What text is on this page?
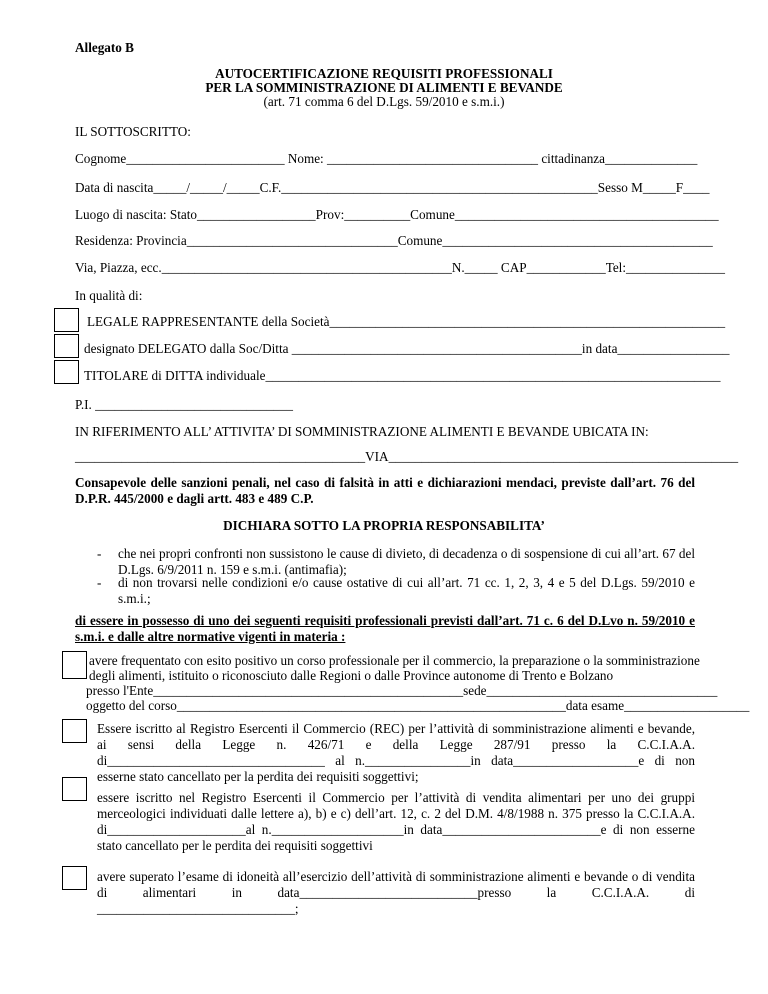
Allegato B
AUTOCERTIFICAZIONE REQUISITI PROFESSIONALI
PER LA SOMMINISTRAZIONE DI ALIMENTI E BEVANDE
(art. 71 comma 6 del D.Lgs. 59/2010 e s.m.i.)
IL SOTTOSCRITTO:
Cognome________________________ Nome: ________________________________ cittadinanza______________
Data di nascita_____/_____/_____C.F.________________________________________________Sesso M_____F____
Luogo di nascita: Stato__________________Prov:__________Comune________________________________________
Residenza: Provincia________________________________Comune_________________________________________
Via, Piazza, ecc.____________________________________________N._____ CAP____________Tel:_______________
In qualità di:
LEGALE RAPPRESENTANTE della Società____________________________________________________________
designato DELEGATO dalla Soc/Ditta ____________________________________________in data_________________
TITOLARE di DITTA individuale_____________________________________________________________________
P.I. ______________________________
IN RIFERIMENTO ALL’ ATTIVITA’ DI SOMMINISTRAZIONE ALIMENTI E BEVANDE UBICATA IN:
____________________________________________VIA_____________________________________________________
Consapevole delle sanzioni penali, nel caso di falsità in atti e dichiarazioni mendaci, previste dall’art. 76 del D.P.R. 445/2000 e dagli artt. 483 e 489 C.P.
DICHIARA SOTTO LA PROPRIA RESPONSABILITA’
- che nei propri confronti non sussistono le cause di divieto, di decadenza o di sospensione di cui all’art. 67 del D.Lgs. 6/9/2011 n. 159 e s.m.i. (antimafia);
- di non trovarsi nelle condizioni e/o cause ostative di cui all’art. 71 cc. 1, 2, 3, 4 e 5 del D.Lgs. 59/2010 e s.m.i.;
di essere in possesso di uno dei seguenti requisiti professionali previsti dall’art. 71 c. 6 del D.Lvo n. 59/2010 e s.m.i. e dalle altre normative vigenti in materia :
avere frequentato con esito positivo un corso professionale per il commercio, la preparazione o la somministrazione
degli alimenti, istituito o riconosciuto dalle Regioni o dalle Province autonome di Trento e Bolzano
presso l'Ente_______________________________________________sede___________________________________
oggetto del corso___________________________________________________________data esame___________________
Essere iscritto al Registro Esercenti il Commercio (REC) per l’attività di somministrazione alimenti e bevande, ai sensi della Legge n. 426/71 e della Legge 287/91 presso la C.C.I.A.A. di_________________________________ al n.________________in data___________________e di non esserne stato cancellato per la perdita dei requisiti soggettivi;
essere iscritto nel Registro Esercenti il Commercio per l’attività di vendita alimentari per uno dei gruppi merceologici individuati dalle lettere a), b) e c) dell’art. 12, c. 2 del D.M. 4/8/1988 n. 375 presso la C.C.I.A.A. di_____________________al n.____________________in data________________________e di non esserne stato cancellato per le perdita dei requisiti soggettivi
avere superato l’esame di idoneità all’esercizio dell’attività di somministrazione alimenti e bevande o di vendita di alimentari in data___________________________presso la C.C.I.A.A. di ______________________________;
